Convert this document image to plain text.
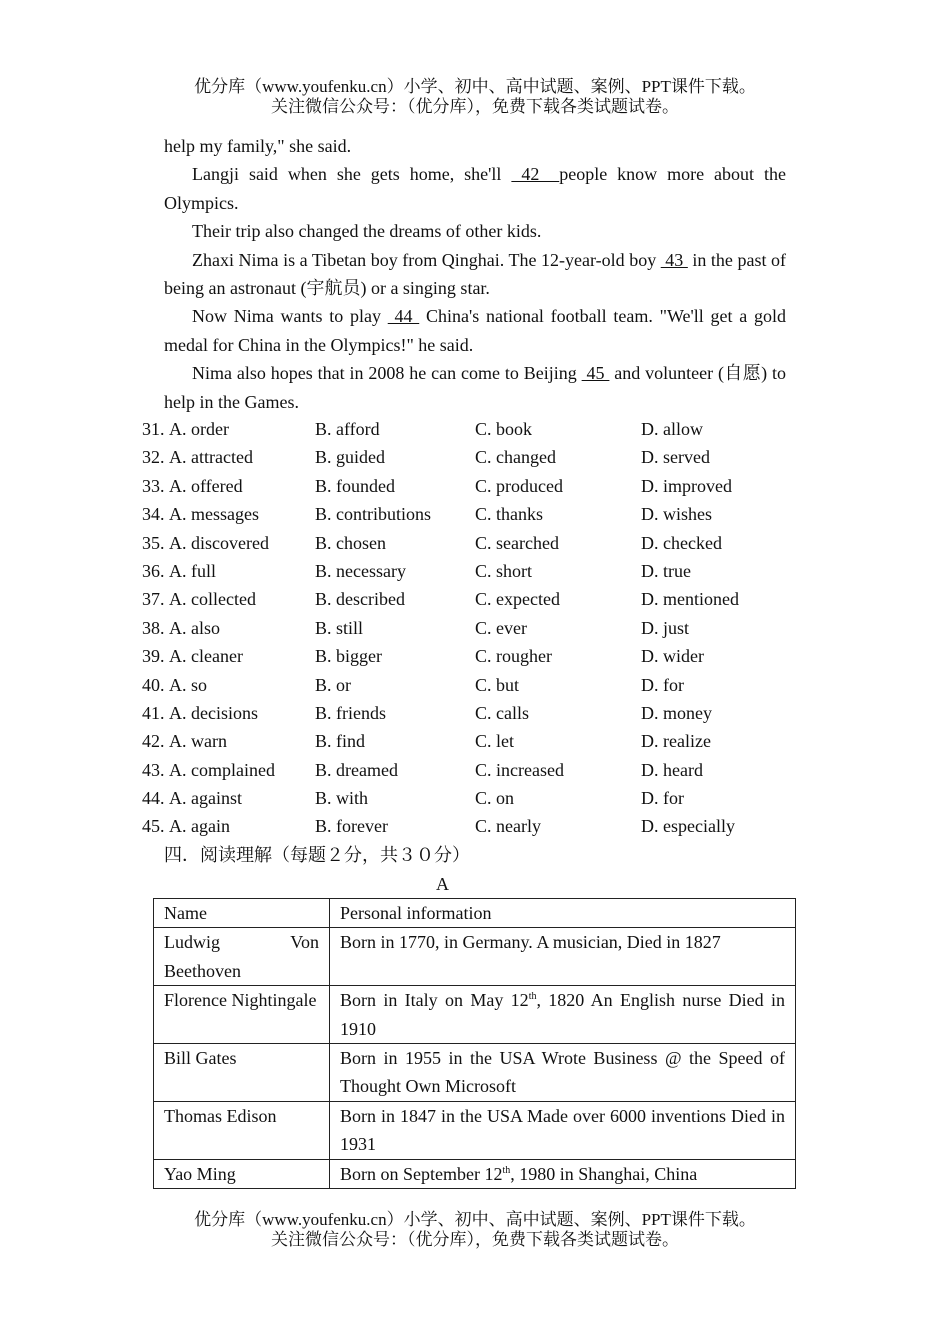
优分库（www.youfenku.cn）小学、初中、高中试题、案例、PPT课件下载。
关注微信公众号：（优分库），免费下载各类试题试卷。

help my family," she said.

Langji said when she gets home, she'll  42  people know more about the Olympics.

Their trip also changed the dreams of other kids.

Zhaxi Nima is a Tibetan boy from Qinghai. The 12-year-old boy  43  in the past of being an astronaut (宇航员) or a singing star.

Now Nima wants to play  44  China's national football team. "We'll get a gold medal for China in the Olympics!" he said.

Nima also hopes that in 2008 he can come to Beijing  45  and volunteer (自愿) to help in the Games.

31. A. order	B. afford	C. book	D. allow
32. A. attracted	B. guided	C. changed	D. served
33. A. offered	B. founded	C. produced	D. improved
34. A. messages	B. contributions C. thanks	D. wishes
35. A. discovered	B. chosen	C. searched	D. checked
36. A. full	B. necessary	C. short	D. true
37. A. collected	B. described	C. expected	D. mentioned
38. A. also	B. still	C. ever	D. just
39. A. cleaner	B. bigger	C. rougher	D. wider
40. A. so	B. or	C. but	D. for
41. A. decisions	B. friends	C. calls	D. money
42. A. warn	B. find	C. let	D. realize
43. A. complained B. dreamed	C. increased	D. heard
44. A. against	B. with	C. on	D. for
45. A. again	B. forever	C. nearly	D. especially
四．阅读理解（每题２分，共３０分）
A
Name	Personal information
Ludwig Von Beethoven	Born in 1770, in Germany. A musician, Died in 1827
Florence Nightingale	Born in Italy on May 12th, 1820 An English nurse Died in 1910
Bill Gates	Born in 1955 in the USA Wrote Business @ the Speed of Thought Own Microsoft
Thomas Edison	Born in 1847 in the USA Made over 6000 inventions Died in 1931
Yao Ming	Born on September 12th, 1980 in Shanghai, China
优分库（www.youfenku.cn）小学、初中、高中试题、案例、PPT课件下载。
关注微信公众号：（优分库），免费下载各类试题试卷。
